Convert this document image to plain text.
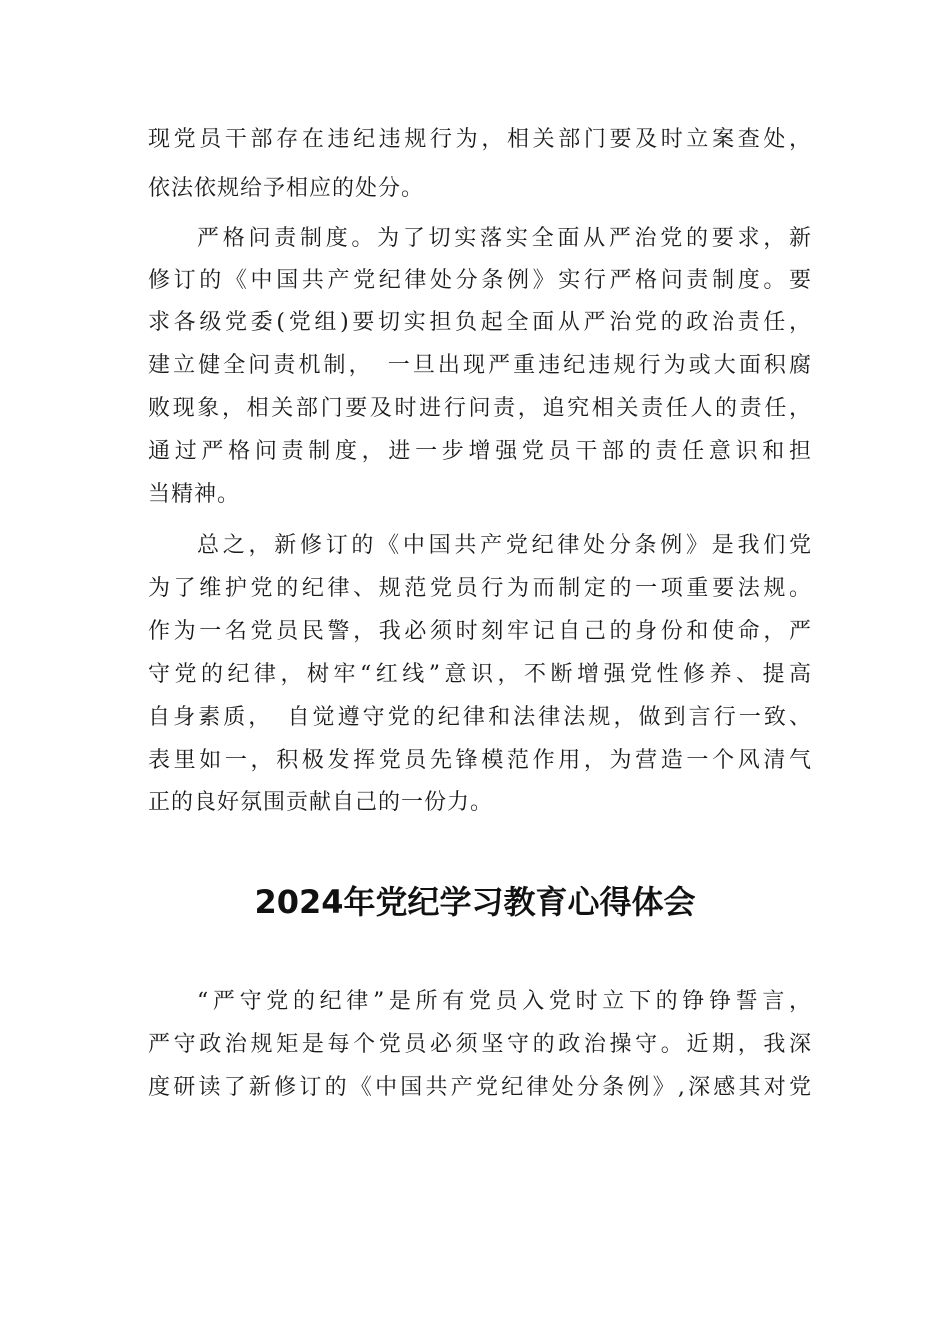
现党员干部存在违纪违规行为，相关部门要及时立案查处，
依法依规给予相应的处分。
严格问责制度。为了切实落实全面从严治党的要求，新
修订的《中国共产党纪律处分条例》实行严格问责制度。要
求各级党委(党组)要切实担负起全面从严治党的政治责任，
建立健全问责机制，　一旦出现严重违纪违规行为或大面积腐
败现象，相关部门要及时进行问责，追究相关责任人的责任，
通过严格问责制度，进一步增强党员干部的责任意识和担
当精神。
总之，新修订的《中国共产党纪律处分条例》是我们党
为了维护党的纪律、规范党员行为而制定的一项重要法规。
作为一名党员民警，我必须时刻牢记自己的身份和使命，严
守党的纪律，树牢“红线”意识，不断增强党性修养、提高
自身素质，　自觉遵守党的纪律和法律法规，做到言行一致、
表里如一，积极发挥党员先锋模范作用，为营造一个风清气
正的良好氛围贡献自己的一份力。
2024年党纪学习教育心得体会
“严守党的纪律”是所有党员入党时立下的铮铮誓言，
严守政治规矩是每个党员必须坚守的政治操守。近期，我深
度研读了新修订的《中国共产党纪律处分条例》,深感其对党
